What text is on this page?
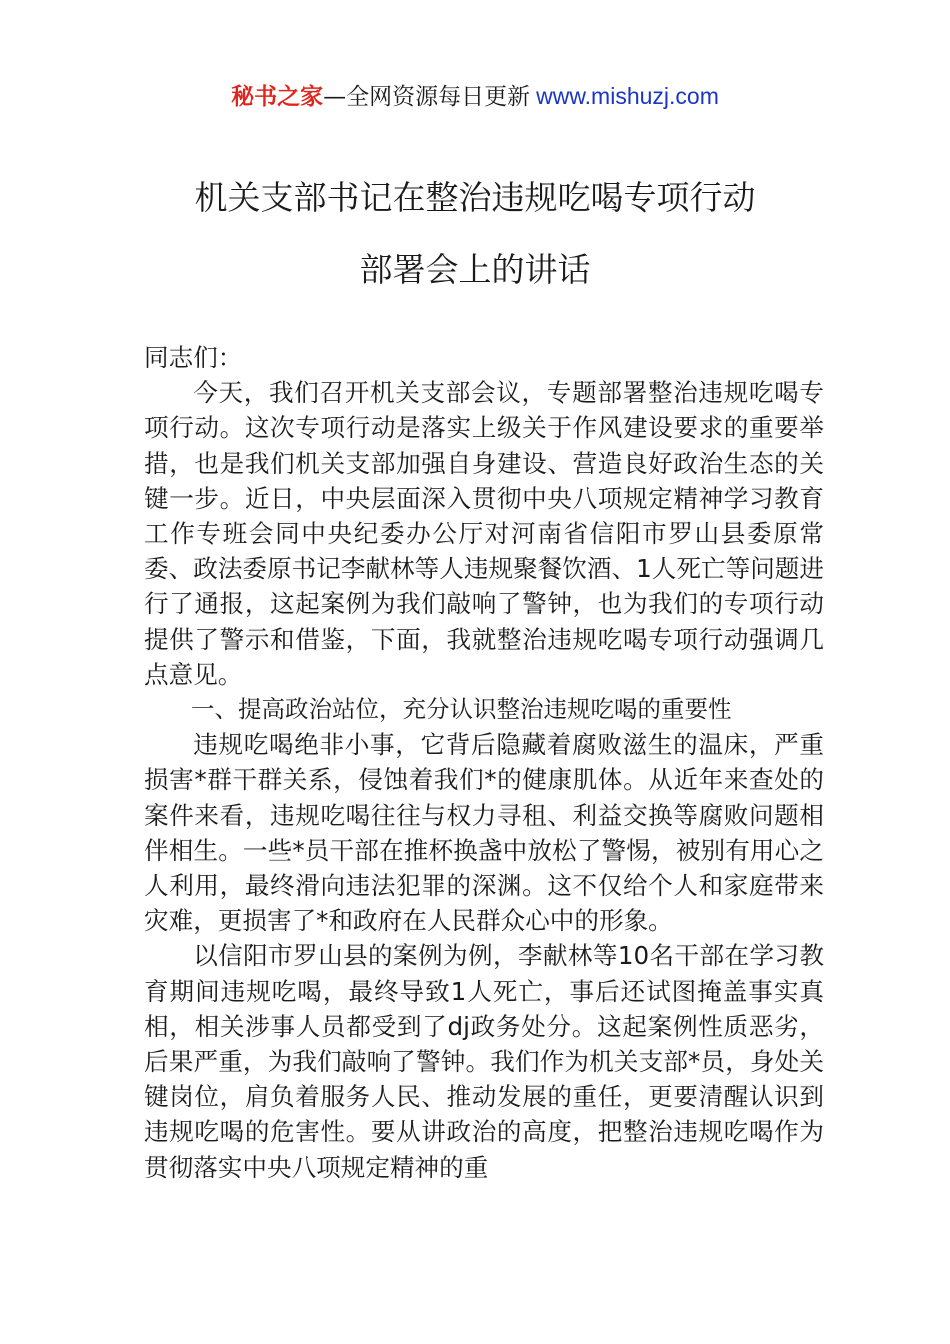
秘书之家—全网资源每日更新 www.mishuzj.com
机关支部书记在整治违规吃喝专项行动
部署会上的讲话

同志们：

今天，我们召开机关支部会议，专题部署整治违规吃喝专项行动。这次专项行动是落实上级关于作风建设要求的重要举措，也是我们机关支部加强自身建设、营造良好政治生态的关键一步。近日，中央层面深入贯彻中央八项规定精神学习教育工作专班会同中央纪委办公厅对河南省信阳市罗山县委原常委、政法委原书记李献林等人违规聚餐饮酒、1人死亡等问题进行了通报，这起案例为我们敲响了警钟，也为我们的专项行动提供了警示和借鉴，下面，我就整治违规吃喝专项行动强调几点意见。

一、提高政治站位，充分认识整治违规吃喝的重要性

违规吃喝绝非小事，它背后隐藏着腐败滋生的温床，严重损害*群干群关系，侵蚀着我们*的健康肌体。从近年来查处的案件来看，违规吃喝往往与权力寻租、利益交换等腐败问题相伴相生。一些*员干部在推杯换盏中放松了警惕，被别有用心之人利用，最终滑向违法犯罪的深渊。这不仅给个人和家庭带来灾难，更损害了*和政府在人民群众心中的形象。

以信阳市罗山县的案例为例，李献林等10名干部在学习教育期间违规吃喝，最终导致1人死亡，事后还试图掩盖事实真相，相关涉事人员都受到了dj政务处分。这起案例性质恶劣，后果严重，为我们敲响了警钟。我们作为机关支部*员，身处关键岗位，肩负着服务人民、推动发展的重任，更要清醒认识到违规吃喝的危害性。要从讲政治的高度，把整治违规吃喝作为贯彻落实中央八项规定精神的重
